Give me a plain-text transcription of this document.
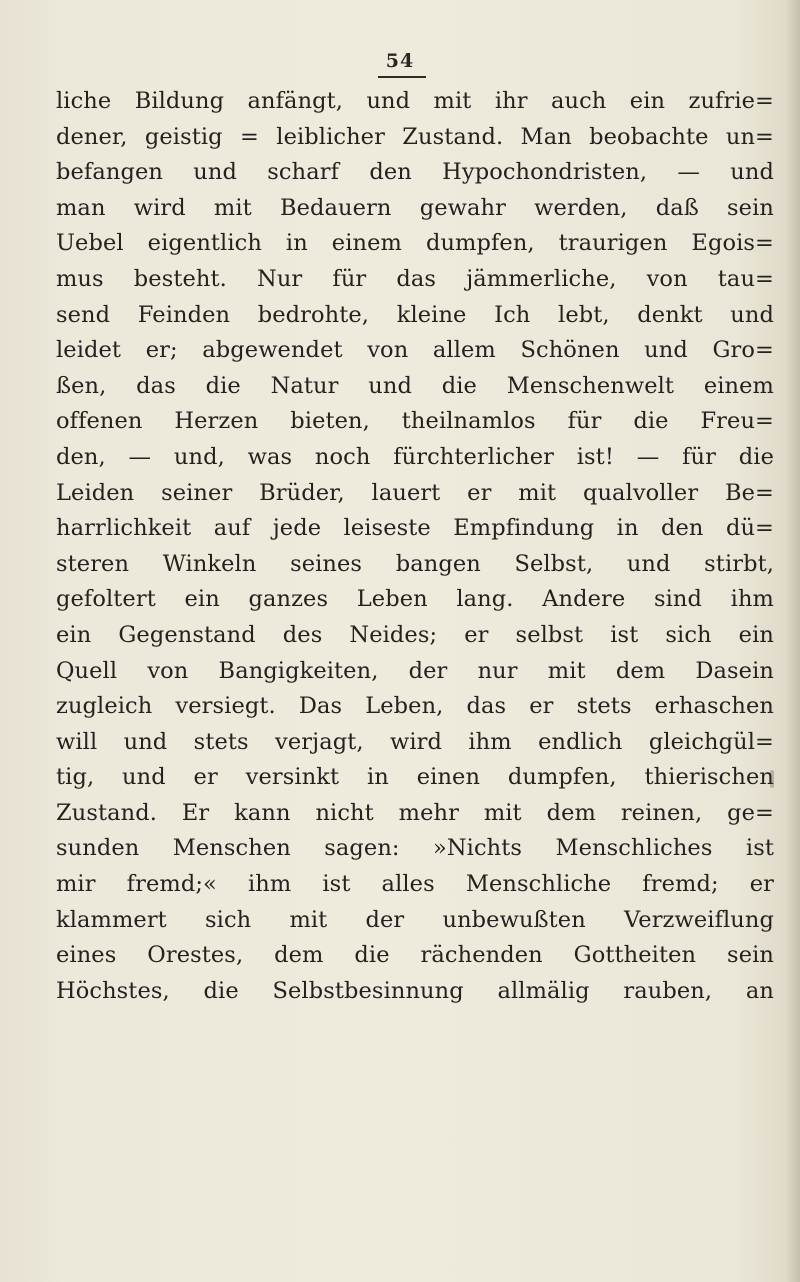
54
liche Bildung anfängt, und mit ihr auch ein zufrie=
dener, geistig = leiblicher Zustand. Man beobachte un=
befangen und scharf den Hypochondristen, — und
man wird mit Bedauern gewahr werden, daß sein
Uebel eigentlich in einem dumpfen, traurigen Egois=
mus besteht. Nur für das jämmerliche, von tau=
send Feinden bedrohte, kleine Ich lebt, denkt und
leidet er; abgewendet von allem Schönen und Gro=
ßen, das die Natur und die Menschenwelt einem
offenen Herzen bieten, theilnamlos für die Freu=
den, — und, was noch fürchterlicher ist! — für die
Leiden seiner Brüder, lauert er mit qualvoller Be=
harrlichkeit auf jede leiseste Empfindung in den dü=
steren Winkeln seines bangen Selbst, und stirbt,
gefoltert ein ganzes Leben lang. Andere sind ihm
ein Gegenstand des Neides; er selbst ist sich ein
Quell von Bangigkeiten, der nur mit dem Dasein
zugleich versiegt. Das Leben, das er stets erhaschen
will und stets verjagt, wird ihm endlich gleichgül=
tig, und er versinkt in einen dumpfen, thierischen
Zustand. Er kann nicht mehr mit dem reinen, ge=
sunden Menschen sagen: »Nichts Menschliches ist
mir fremd;« ihm ist alles Menschliche fremd; er
klammert sich mit der unbewußten Verzweiflung
eines Orestes, dem die rächenden Gottheiten sein
Höchstes, die Selbstbesinnung allmälig rauben, an
